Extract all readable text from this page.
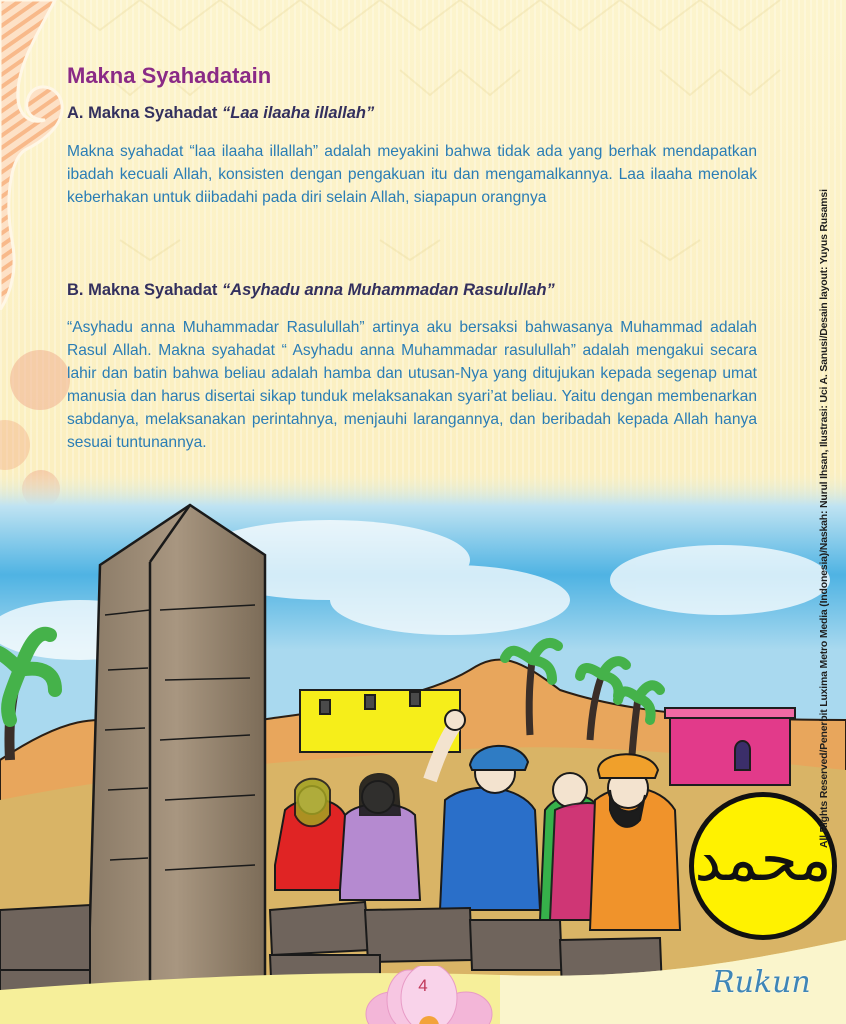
Makna Syahadatain
A. Makna Syahadat “Laa ilaaha illallah”

Makna syahadat “laa ilaaha illallah” adalah meyakini bahwa tidak ada yang berhak mendapatkan ibadah kecuali Allah, konsisten dengan pengakuan itu dan mengamalkannya. Laa ilaaha menolak keberhakan untuk diibadahi pada diri selain Allah, siapapun orangnya

B. Makna Syahadat “Asyhadu anna Muhammadan Rasulullah”

“Asyhadu anna Muhammadar Rasulullah” artinya aku bersaksi bahwasanya Muhammad adalah Rasul Allah. Makna syahadat “ Asyhadu anna Muhammadar rasulullah” adalah mengakui secara lahir dan batin bahwa beliau adalah hamba dan utusan-Nya yang ditujukan kepada segenap umat manusia dan harus disertai sikap tunduk melaksanakan syari’at beliau. Yaitu dengan membenarkan sabdanya, melaksanakan perintahnya, menjauhi larangannya, dan beribadah kepada Allah hanya sesuai tuntunannya.

محمد
All Rights Reserved/Penerbit Luxima Metro Media (Indonesia)/Naskah: Nurul Ihsan, Ilustrasi: Uci A. Sanusi/Desain layout: Yuyus Rusamsi
4	Rukun
